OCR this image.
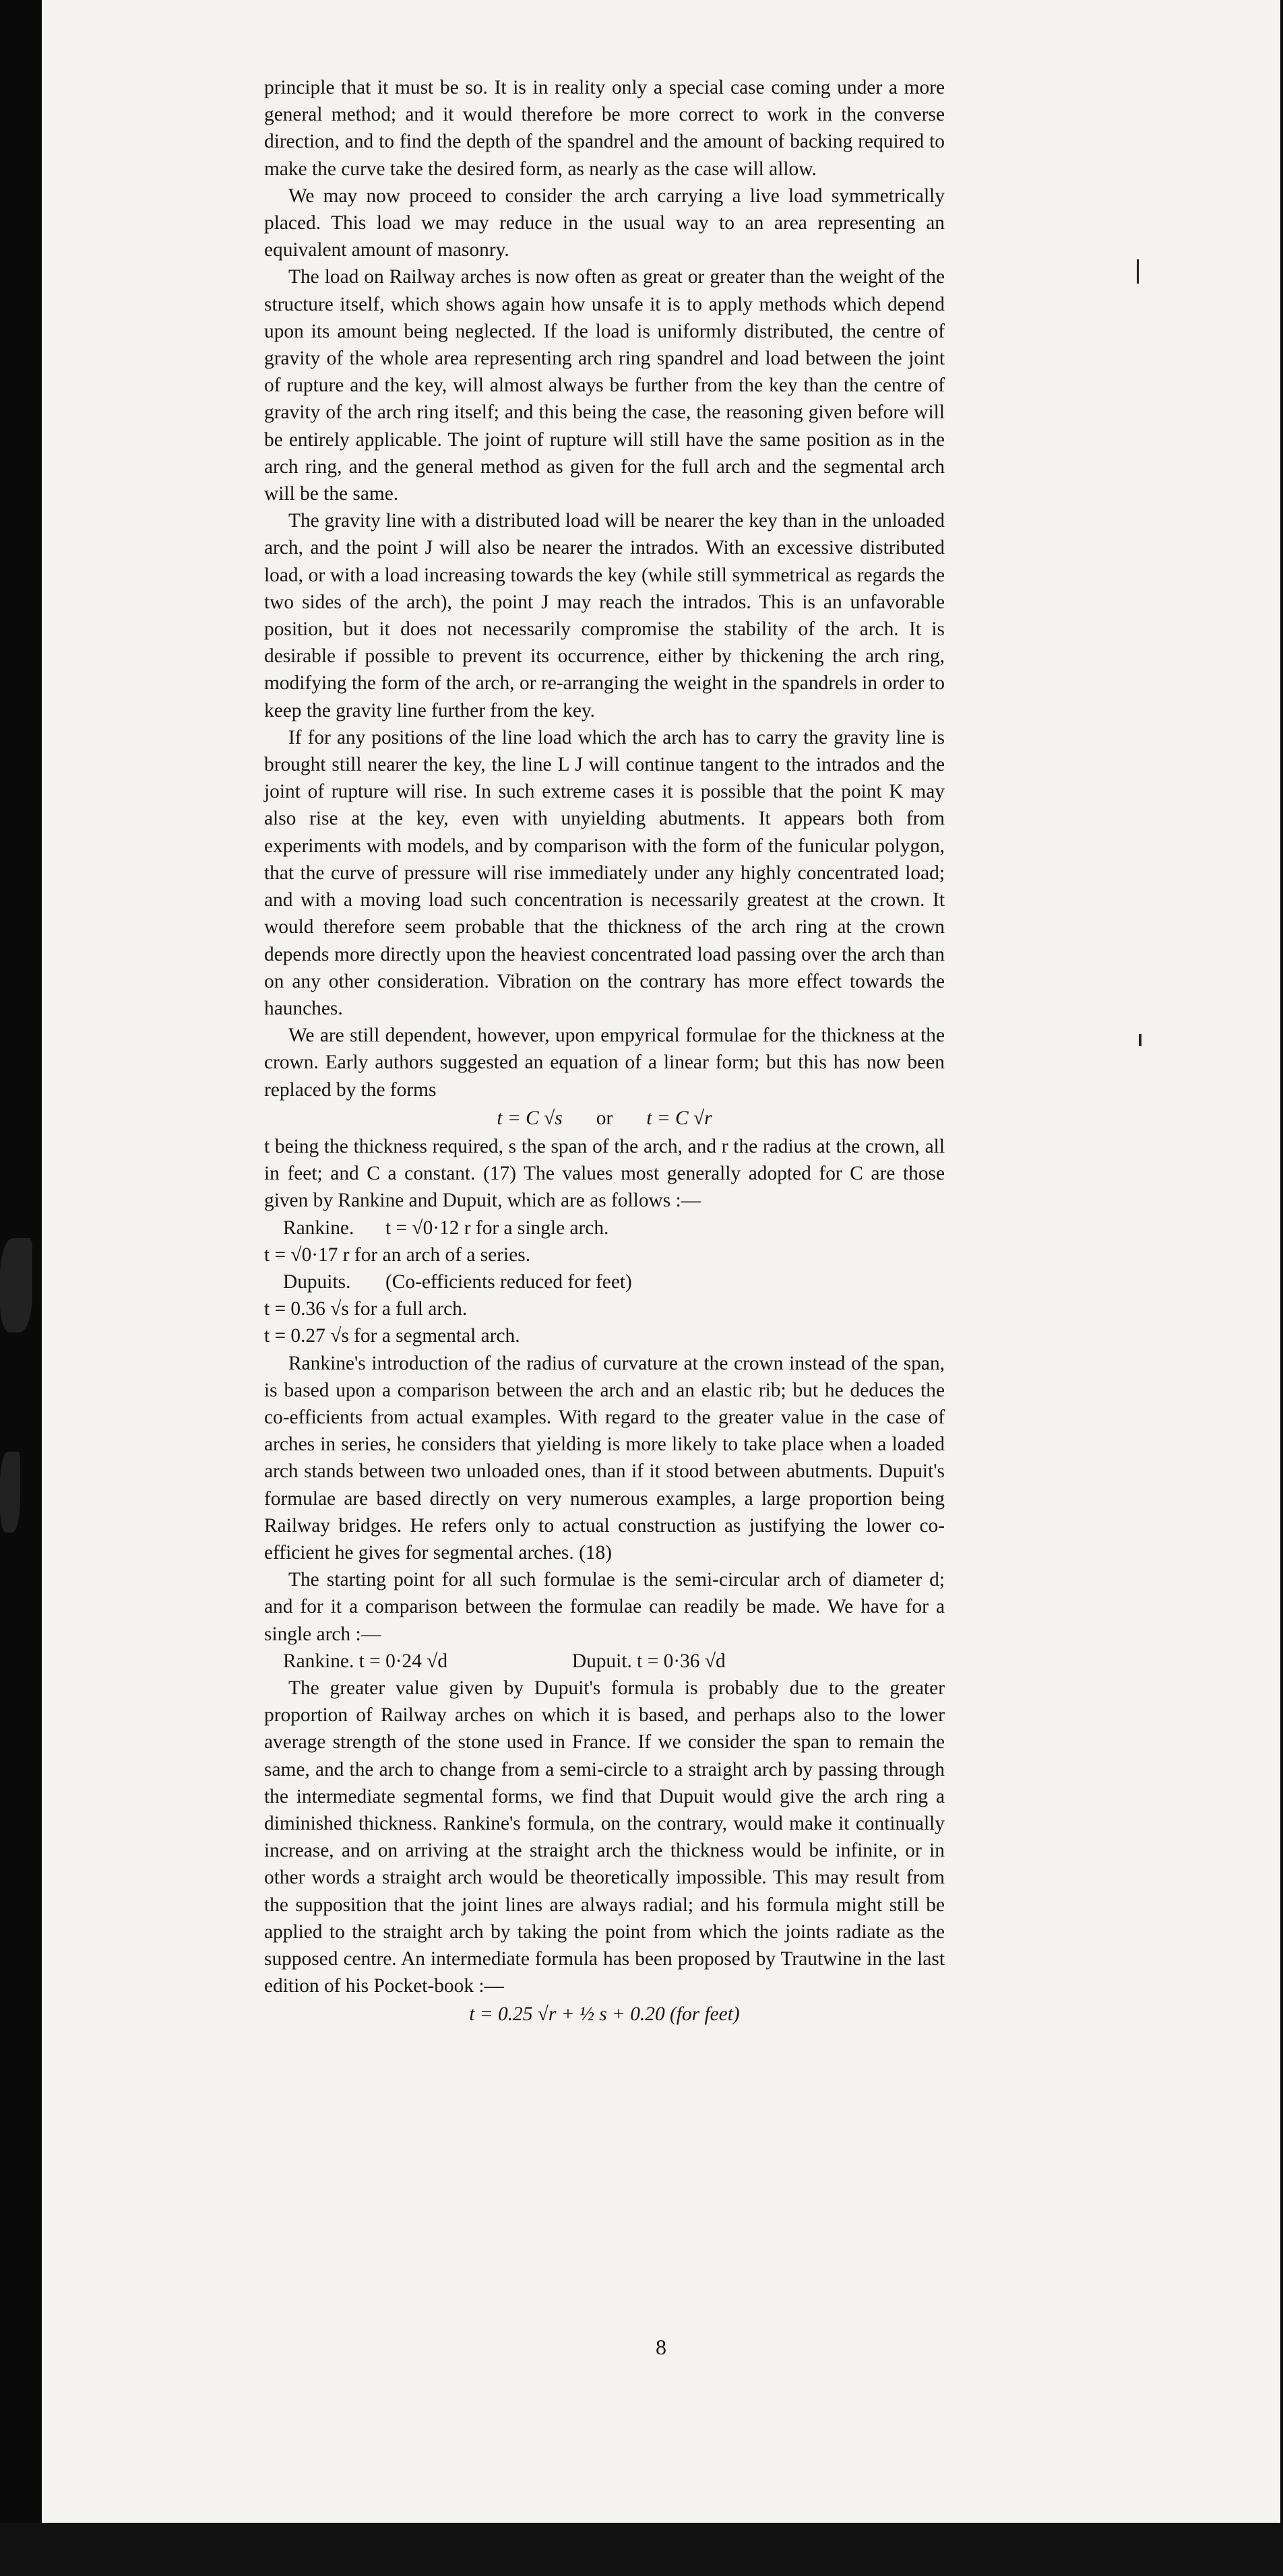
principle that it must be so. It is in reality only a special case coming under a more general method; and it would therefore be more correct to work in the converse direction, and to find the depth of the spandrel and the amount of backing required to make the curve take the desired form, as nearly as the case will allow.

We may now proceed to consider the arch carrying a live load symmetrically placed. This load we may reduce in the usual way to an area representing an equivalent amount of masonry.

The load on Railway arches is now often as great or greater than the weight of the structure itself, which shows again how unsafe it is to apply methods which depend upon its amount being neglected. If the load is uniformly distributed, the centre of gravity of the whole area representing arch ring spandrel and load between the joint of rupture and the key, will almost always be further from the key than the centre of gravity of the arch ring itself; and this being the case, the reasoning given before will be entirely applicable. The joint of rupture will still have the same position as in the arch ring, and the general method as given for the full arch and the segmental arch will be the same.

The gravity line with a distributed load will be nearer the key than in the unloaded arch, and the point J will also be nearer the intrados. With an excessive distributed load, or with a load increasing towards the key (while still symmetrical as regards the two sides of the arch), the point J may reach the intrados. This is an unfavorable position, but it does not necessarily compromise the stability of the arch. It is desirable if possible to prevent its occurrence, either by thickening the arch ring, modifying the form of the arch, or re-arranging the weight in the spandrels in order to keep the gravity line further from the key.

If for any positions of the line load which the arch has to carry the gravity line is brought still nearer the key, the line L J will continue tangent to the intrados and the joint of rupture will rise. In such extreme cases it is possible that the point K may also rise at the key, even with unyielding abutments. It appears both from experiments with models, and by comparison with the form of the funicular polygon, that the curve of pressure will rise immediately under any highly concentrated load; and with a moving load such concentration is necessarily greatest at the crown. It would therefore seem probable that the thickness of the arch ring at the crown depends more directly upon the heaviest concentrated load passing over the arch than on any other consideration. Vibration on the contrary has more effect towards the haunches.

We are still dependent, however, upon empyrical formulae for the thickness at the crown. Early authors suggested an equation of a linear form; but this has now been replaced by the forms

t = C √s or t = C √r

t being the thickness required, s the span of the arch, and r the radius at the crown, all in feet; and C a constant. (17) The values most generally adopted for C are those given by Rankine and Dupuit, which are as follows :—

Rankine. t = √0·12 r for a single arch.
t = √0·17 r for an arch of a series.
Dupuits. (Co-efficients reduced for feet)
t = 0.36 √s for a full arch.
t = 0.27 √s for a segmental arch.

Rankine's introduction of the radius of curvature at the crown instead of the span, is based upon a comparison between the arch and an elastic rib; but he deduces the co-efficients from actual examples. With regard to the greater value in the case of arches in series, he considers that yielding is more likely to take place when a loaded arch stands between two unloaded ones, than if it stood between abutments. Dupuit's formulae are based directly on very numerous examples, a large proportion being Railway bridges. He refers only to actual construction as justifying the lower co-efficient he gives for segmental arches. (18)

The starting point for all such formulae is the semi-circular arch of diameter d; and for it a comparison between the formulae can readily be made. We have for a single arch :—

Rankine. t = 0·24 √d	Dupuit. t = 0·36 √d

The greater value given by Dupuit's formula is probably due to the greater proportion of Railway arches on which it is based, and perhaps also to the lower average strength of the stone used in France. If we consider the span to remain the same, and the arch to change from a semi-circle to a straight arch by passing through the intermediate segmental forms, we find that Dupuit would give the arch ring a diminished thickness. Rankine's formula, on the contrary, would make it continually increase, and on arriving at the straight arch the thickness would be infinite, or in other words a straight arch would be theoretically impossible. This may result from the supposition that the joint lines are always radial; and his formula might still be applied to the straight arch by taking the point from which the joints radiate as the supposed centre. An intermediate formula has been proposed by Trautwine in the last edition of his Pocket-book :—

t = 0.25 √r + ½ s + 0.20 (for feet)
8
